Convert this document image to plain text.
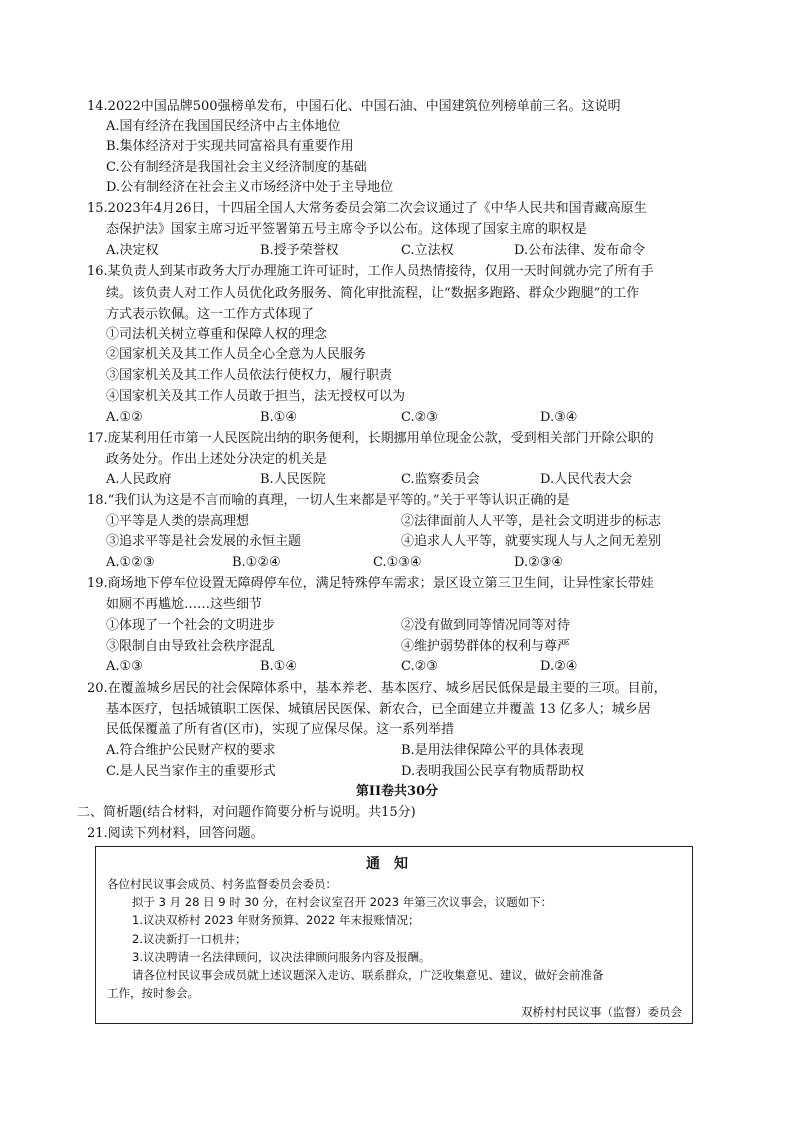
14.2022中国品牌500强榜单发布，中国石化、中国石油、中国建筑位列榜单前三名。这说明
A.国有经济在我国国民经济中占主体地位
B.集体经济对于实现共同富裕具有重要作用
C.公有制经济是我国社会主义经济制度的基础
D.公有制经济在社会主义市场经济中处于主导地位
15.2023年4月26日，十四届全国人大常务委员会第二次会议通过了《中华人民共和国青藏高原生
态保护法》国家主席习近平签署第五号主席令予以公布。这体现了国家主席的职权是
A.决定权	B.授予荣誉权	C.立法权	D.公布法律、发布命令
16.某负责人到某市政务大厅办理施工许可证时，工作人员热情接待，仅用一天时间就办完了所有手
续。该负责人对工作人员优化政务服务、简化审批流程，让“数据多跑路、群众少跑腿”的工作
方式表示钦佩。这一工作方式体现了
①司法机关树立尊重和保障人权的理念
②国家机关及其工作人员全心全意为人民服务
③国家机关及其工作人员依法行使权力，履行职责
④国家机关及其工作人员敢于担当，法无授权可以为
A.①②	B.①④	C.②③	D.③④
17.庞某利用任市第一人民医院出纳的职务便利，长期挪用单位现金公款，受到相关部门开除公职的
政务处分。作出上述处分决定的机关是
A.人民政府	B.人民医院	C.监察委员会	D.人民代表大会
18.“我们认为这是不言而喻的真理，一切人生来都是平等的。”关于平等认识正确的是
①平等是人类的崇高理想	②法律面前人人平等，是社会文明进步的标志
③追求平等是社会发展的永恒主题	④追求人人平等，就要实现人与人之间无差别
A.①②③	B.①②④	C.①③④	D.②③④
19.商场地下停车位设置无障碍停车位，满足特殊停车需求；景区设立第三卫生间，让异性家长带娃
如厕不再尴尬……这些细节
①体现了一个社会的文明进步	②没有做到同等情况同等对待
③限制自由导致社会秩序混乱	④维护弱势群体的权利与尊严
A.①③	B.①④	C.②③	D.②④
20.在覆盖城乡居民的社会保障体系中，基本养老、基本医疗、城乡居民低保是最主要的三项。目前，
基本医疗，包括城镇职工医保、城镇居民医保、新农合，已全面建立并覆盖 13 亿多人；城乡居
民低保覆盖了所有省(区市)，实现了应保尽保。这一系列举措
A.符合维护公民财产权的要求	B.是用法律保障公平的具体表现
C.是人民当家作主的重要形式	D.表明我国公民享有物质帮助权
第II卷共30分
二、简析题(结合材料，对问题作简要分析与说明。共15分)
21.阅读下列材料，回答问题。
通知
各位村民议事会成员、村务监督委员会委员：
拟于 3 月 28 日 9 时 30 分，在村会议室召开 2023 年第三次议事会，议题如下：
1.议决双桥村 2023 年财务预算、2022 年末报账情况；
2.议决新打一口机井；
3.议决聘请一名法律顾问，议决法律顾问服务内容及报酬。
请各位村民议事会成员就上述议题深入走访、联系群众，广泛收集意见、建议，做好会前准备
工作，按时参会。
双桥村村民议事（监督）委员会
